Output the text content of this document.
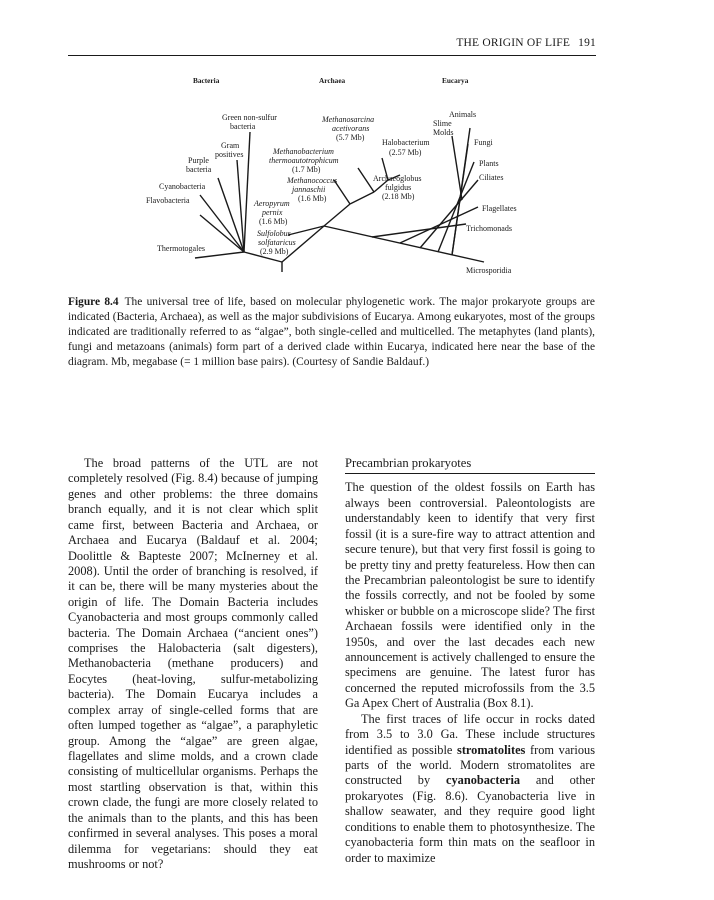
THE ORIGIN OF LIFE 191
Bacteria	Archaea	Eucarya
Green non-sulfur
bacteria
Gram
positives
Purple
bacteria
Cyanobacteria
Flavobacteria
Thermotogales
Methanosarcina
acetivorans
(5.7 Mb)
Halobacterium
(2.57 Mb)
Methanobacterium
thermoautotrophicum
(1.7 Mb)
Methanococcus
jannaschii
(1.6 Mb)
Archaeoglobus
fulgidus
(2.18 Mb)
Aeropyrum
pernix
(1.6 Mb)
Sulfolobus
solfataricus
(2.9 Mb)
Animals
Slime
Molds
Fungi
Plants
Ciliates
Flagellates
Trichomonads
Microsporidia
Figure 8.4 The universal tree of life, based on molecular phylogenetic work. The major prokaryote groups are indicated (Bacteria, Archaea), as well as the major subdivisions of Eucarya. Among eukaryotes, most of the groups indicated are traditionally referred to as “algae”, both single-celled and multicelled. The metaphytes (land plants), fungi and metazoans (animals) form part of a derived clade within Eucarya, indicated here near the base of the diagram. Mb, megabase (= 1 million base pairs). (Courtesy of Sandie Baldauf.)

The broad patterns of the UTL are not completely resolved (Fig. 8.4) because of jumping genes and other problems: the three domains branch equally, and it is not clear which split came first, between Bacteria and Archaea, or Archaea and Eucarya (Baldauf et al. 2004; Doolittle & Bapteste 2007; McInerney et al. 2008). Until the order of branching is resolved, if it can be, there will be many mysteries about the origin of life. The Domain Bacteria includes Cyanobacteria and most groups commonly called bacteria. The Domain Archaea (“ancient ones”) comprises the Halobacteria (salt digesters), Methanobacteria (methane producers) and Eocytes (heat-loving, sulfur-metabolizing bacteria). The Domain Eucarya includes a complex array of single-celled forms that are often lumped together as “algae”, a paraphyletic group. Among the “algae” are green algae, flagellates and slime molds, and a crown clade consisting of multicellular organisms. Perhaps the most startling observation is that, within this crown clade, the fungi are more closely related to the animals than to the plants, and this has been confirmed in several analyses. This poses a moral dilemma for vegetarians: should they eat mushrooms or not?

Precambrian prokaryotes

The question of the oldest fossils on Earth has always been controversial. Paleontologists are understandably keen to identify that very first fossil (it is a sure-fire way to attract attention and secure tenure), but that very first fossil is going to be pretty tiny and pretty featureless. How then can the Precambrian paleontologist be sure to identify the fossils correctly, and not be fooled by some whisker or bubble on a microscope slide? The first Archaean fossils were identified only in the 1950s, and over the last decades each new announcement is actively challenged to ensure the specimens are genuine. The latest furor has concerned the reputed microfossils from the 3.5 Ga Apex Chert of Australia (Box 8.1).

The first traces of life occur in rocks dated from 3.5 to 3.0 Ga. These include structures identified as possible stromatolites from various parts of the world. Modern stromatolites are constructed by cyanobacteria and other prokaryotes (Fig. 8.6). Cyanobacteria live in shallow seawater, and they require good light conditions to enable them to photosynthesize. The cyanobacteria form thin mats on the seafloor in order to maximize
